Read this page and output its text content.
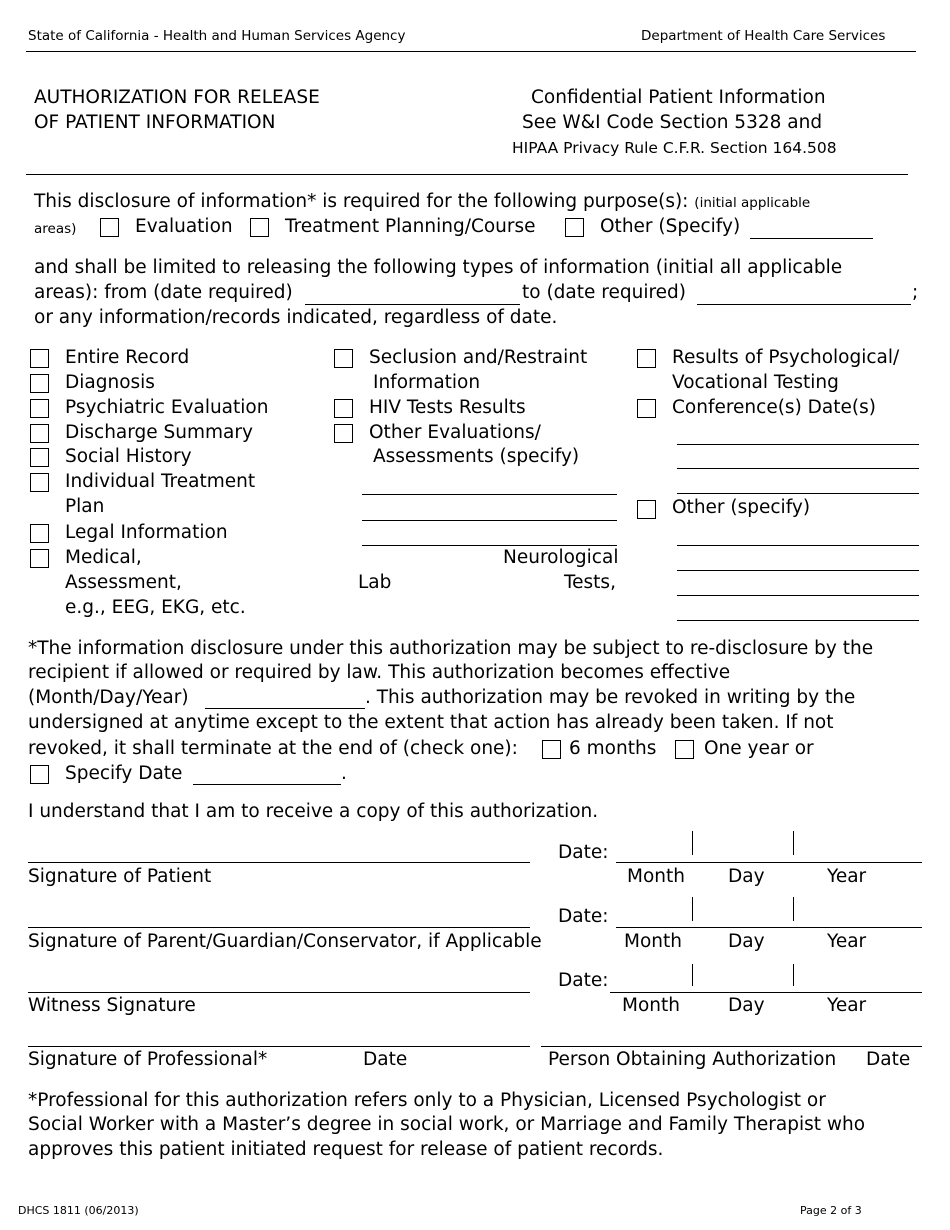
State of California - Health and Human Services Agency	Department of Health Care Services
AUTHORIZATION FOR RELEASE
OF PATIENT INFORMATION
Confidential Patient Information
See W&I Code Section 5328 and
HIPAA Privacy Rule C.F.R. Section 164.508
This disclosure of information* is required for the following purpose(s): (initial applicable
areas)	Evaluation	Treatment Planning/Course	Other (Specify)
and shall be limited to releasing the following types of information (initial all applicable
areas): from (date required)	to (date required)	;
or any information/records indicated, regardless of date.
Entire Record
Diagnosis
Psychiatric Evaluation
Discharge Summary
Social History
Individual Treatment
Plan
Legal Information
Medical,
Assessment,
e.g., EEG, EKG, etc.
Seclusion and/Restraint
Information
HIV Tests Results
Other Evaluations/
Assessments (specify)
Neurological
Lab	Tests,
Results of Psychological/
Vocational Testing
Conference(s) Date(s)
Other (specify)
*The information disclosure under this authorization may be subject to re-disclosure by the
recipient if allowed or required by law. This authorization becomes effective
(Month/Day/Year)	. This authorization may be revoked in writing by the
undersigned at anytime except to the extent that action has already been taken. If not
revoked, it shall terminate at the end of (check one):	6 months	One year or
Specify Date	.
I understand that I am to receive a copy of this authorization.
Signature of Patient
Date:
Month Day	Year
Signature of Parent/Guardian/Conservator, if Applicable
Date:
Month Day	Year
Witness Signature
Date:
Month	Day	Year
Signature of Professional*	Date	Person Obtaining Authorization Date
*Professional for this authorization refers only to a Physician, Licensed Psychologist or
Social Worker with a Master’s degree in social work, or Marriage and Family Therapist who
approves this patient initiated request for release of patient records.
DHCS 1811 (06/2013)	Page 2 of 3
